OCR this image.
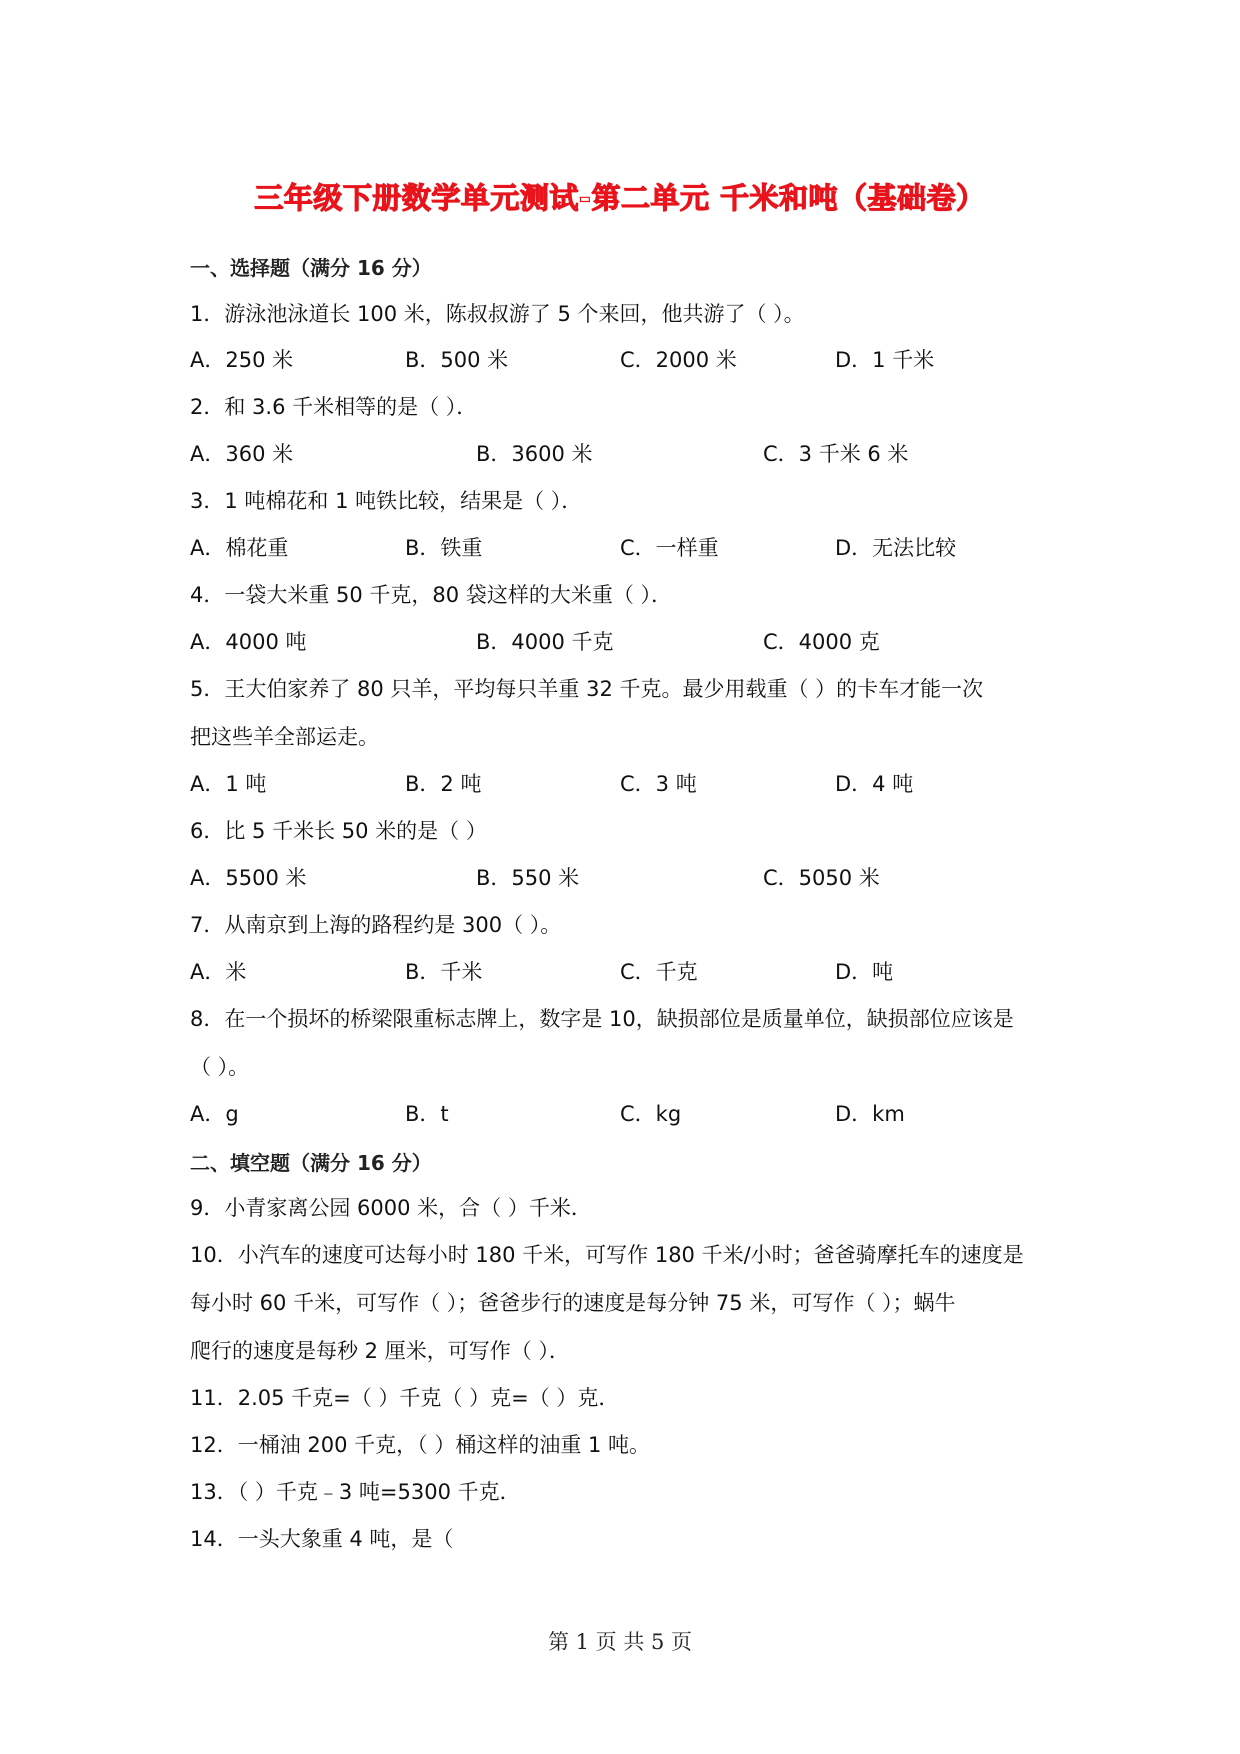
三年级下册数学单元测试-第二单元 千米和吨（基础卷）
一、选择题（满分 16 分）
1．游泳池泳道长 100 米，陈叔叔游了 5 个来回，他共游了（ ）。
A．250 米	B．500 米	C．2000 米	D．1 千米
2．和 3.6 千米相等的是（ ）．
A．360 米	B．3600 米	C．3 千米 6 米
3．1 吨棉花和 1 吨铁比较，结果是（ ）．
A．棉花重	B．铁重	C．一样重	D．无法比较
4．一袋大米重 50 千克，80 袋这样的大米重（ ）．
A．4000 吨	B．4000 千克	C．4000 克
5．王大伯家养了 80 只羊，平均每只羊重 32 千克。最少用载重（ ）的卡车才能一次
把这些羊全部运走。
A．1 吨	B．2 吨	C．3 吨	D．4 吨
6．比 5 千米长 50 米的是（ ）
A．5500 米	B．550 米	C．5050 米
7．从南京到上海的路程约是 300（ ）。
A．米	B．千米	C．千克	D．吨
8．在一个损坏的桥梁限重标志牌上，数字是 10，缺损部位是质量单位，缺损部位应该是
（ ）。
A．g	B．t	C．kg	D．km
二、填空题（满分 16 分）
9．小青家离公园 6000 米，合（ ）千米．
10．小汽车的速度可达每小时 180 千米，可写作 180 千米/小时；爸爸骑摩托车的速度是
每小时 60 千米，可写作（ ）；爸爸步行的速度是每分钟 75 米，可写作（ ）；蜗牛
爬行的速度是每秒 2 厘米，可写作（ ）．
11．2.05 千克=（ ）千克（ ）克=（ ）克．
12．一桶油 200 千克，（ ）桶这样的油重 1 吨。
13．（ ）千克﹣3 吨=5300 千克．
14．一头大象重 4 吨，是（
第 1 页 共 5 页
